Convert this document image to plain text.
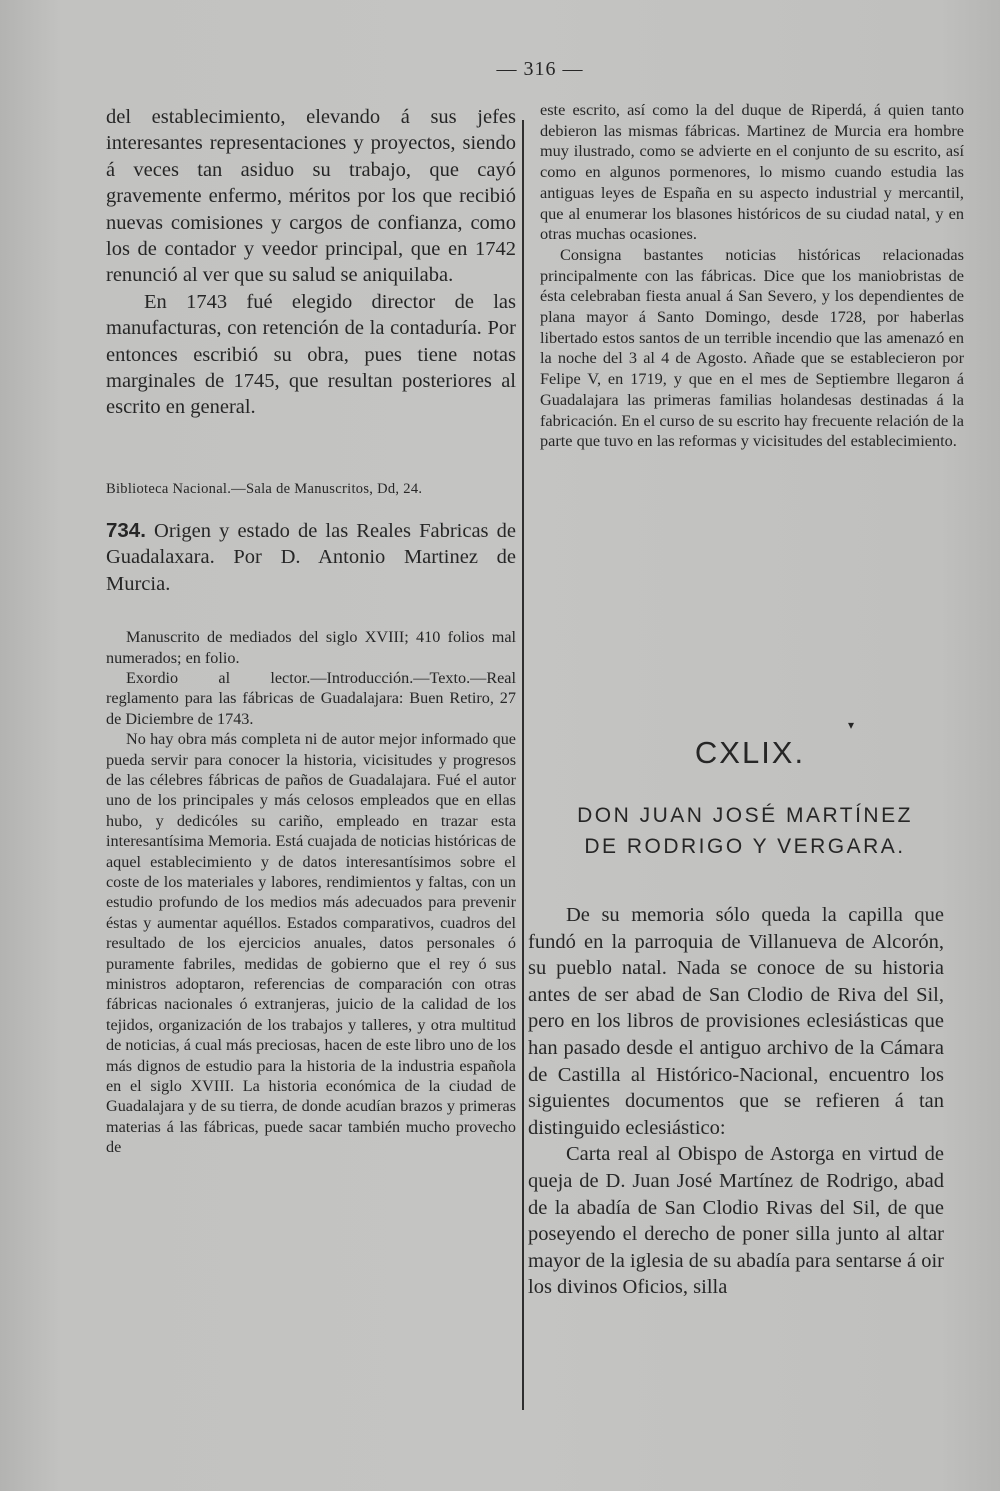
— 316 —

del establecimiento, elevando á sus jefes interesantes representaciones y proyectos, siendo á veces tan asiduo su trabajo, que cayó gravemente enfermo, méritos por los que recibió nuevas comisiones y cargos de confianza, como los de contador y veedor principal, que en 1742 renunció al ver que su salud se aniquilaba.

En 1743 fué elegido director de las manufacturas, con retención de la contaduría. Por entonces escribió su obra, pues tiene notas marginales de 1745, que resultan posteriores al escrito en general.

Biblioteca Nacional.—Sala de Manuscritos, Dd, 24.

734. Origen y estado de las Reales Fabricas de Guadalaxara. Por D. Antonio Martinez de Murcia.

Manuscrito de mediados del siglo XVIII; 410 folios mal numerados; en folio.

Exordio al lector.—Introducción.—Texto.—Real reglamento para las fábricas de Guadalajara: Buen Retiro, 27 de Diciembre de 1743.

No hay obra más completa ni de autor mejor informado que pueda servir para conocer la historia, vicisitudes y progresos de las célebres fábricas de paños de Guadalajara. Fué el autor uno de los principales y más celosos empleados que en ellas hubo, y dedicóles su cariño, empleado en trazar esta interesantísima Memoria. Está cuajada de noticias históricas de aquel establecimiento y de datos interesantísimos sobre el coste de los materiales y labores, rendimientos y faltas, con un estudio profundo de los medios más adecuados para prevenir éstas y aumentar aquéllos. Estados comparativos, cuadros del resultado de los ejercicios anuales, datos personales ó puramente fabriles, medidas de gobierno que el rey ó sus ministros adoptaron, referencias de comparación con otras fábricas nacionales ó extranjeras, juicio de la calidad de los tejidos, organización de los trabajos y talleres, y otra multitud de noticias, á cual más preciosas, hacen de este libro uno de los más dignos de estudio para la historia de la industria española en el siglo XVIII. La historia económica de la ciudad de Guadalajara y de su tierra, de donde acudían brazos y primeras materias á las fábricas, puede sacar también mucho provecho de

este escrito, así como la del duque de Riperdá, á quien tanto debieron las mismas fábricas. Martinez de Murcia era hombre muy ilustrado, como se advierte en el conjunto de su escrito, así como en algunos pormenores, lo mismo cuando estudia las antiguas leyes de España en su aspecto industrial y mercantil, que al enumerar los blasones históricos de su ciudad natal, y en otras muchas ocasiones.

Consigna bastantes noticias históricas relacionadas principalmente con las fábricas. Dice que los maniobristas de ésta celebraban fiesta anual á San Severo, y los dependientes de plana mayor á Santo Domingo, desde 1728, por haberlas libertado estos santos de un terrible incendio que las amenazó en la noche del 3 al 4 de Agosto. Añade que se establecieron por Felipe V, en 1719, y que en el mes de Septiembre llegaron á Guadalajara las primeras familias holandesas destinadas á la fabricación. En el curso de su escrito hay frecuente relación de la parte que tuvo en las reformas y vicisitudes del establecimiento.

▾
CXLIX.
DON JUAN JOSÉ MARTÍNEZ
DE RODRIGO Y VERGARA.

De su memoria sólo queda la capilla que fundó en la parroquia de Villanueva de Alcorón, su pueblo natal. Nada se conoce de su historia antes de ser abad de San Clodio de Riva del Sil, pero en los libros de provisiones eclesiásticas que han pasado desde el antiguo archivo de la Cámara de Castilla al Histórico-Nacional, encuentro los siguientes documentos que se refieren á tan distinguido eclesiástico:

Carta real al Obispo de Astorga en virtud de queja de D. Juan José Martínez de Rodrigo, abad de la abadía de San Clodio Rivas del Sil, de que poseyendo el derecho de poner silla junto al altar mayor de la iglesia de su abadía para sentarse á oir los divinos Oficios, silla
